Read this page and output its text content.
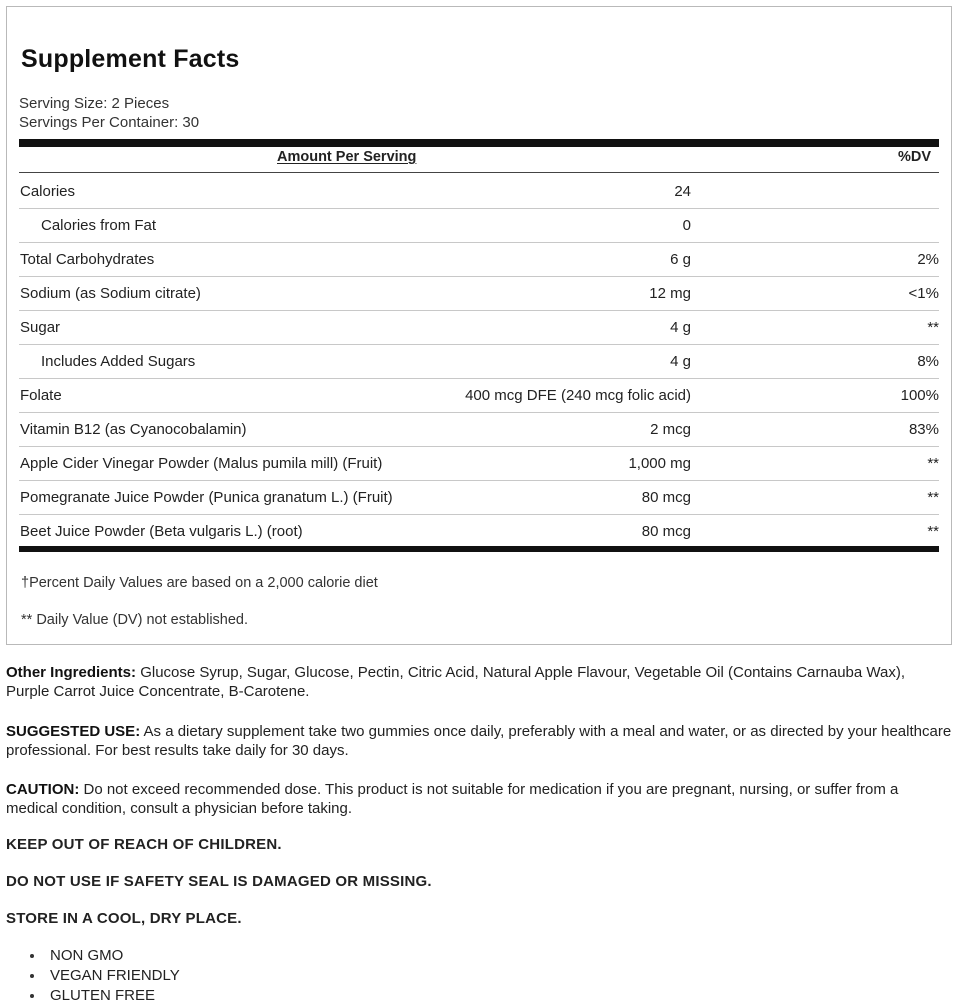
Supplement Facts
Serving Size: 2 Pieces
Servings Per Container: 30
Amount Per Serving	%DV
Calories	24
Calories from Fat	0
Total Carbohydrates	6 g	2%
Sodium (as Sodium citrate)	12 mg	<1%
Sugar	4 g	**
Includes Added Sugars	4 g	8%
Folate	400 mcg DFE (240 mcg folic acid)	100%
Vitamin B12 (as Cyanocobalamin)	2 mcg	83%
Apple Cider Vinegar Powder (Malus pumila mill) (Fruit)	1,000 mg	**
Pomegranate Juice Powder (Punica granatum L.) (Fruit)	80 mcg	**
Beet Juice Powder (Beta vulgaris L.) (root)	80 mcg	**
†Percent Daily Values are based on a 2,000 calorie diet
** Daily Value (DV) not established.
Other Ingredients: Glucose Syrup, Sugar, Glucose, Pectin, Citric Acid, Natural Apple Flavour, Vegetable Oil (Contains Carnauba Wax), Purple Carrot Juice Concentrate, B-Carotene.
SUGGESTED USE: As a dietary supplement take two gummies once daily, preferably with a meal and water, or as directed by your healthcare professional. For best results take daily for 30 days.
CAUTION: Do not exceed recommended dose. This product is not suitable for medication if you are pregnant, nursing, or suffer from a medical condition, consult a physician before taking.
KEEP OUT OF REACH OF CHILDREN.
DO NOT USE IF SAFETY SEAL IS DAMAGED OR MISSING.
STORE IN A COOL, DRY PLACE.
NON GMO
VEGAN FRIENDLY
GLUTEN FREE
